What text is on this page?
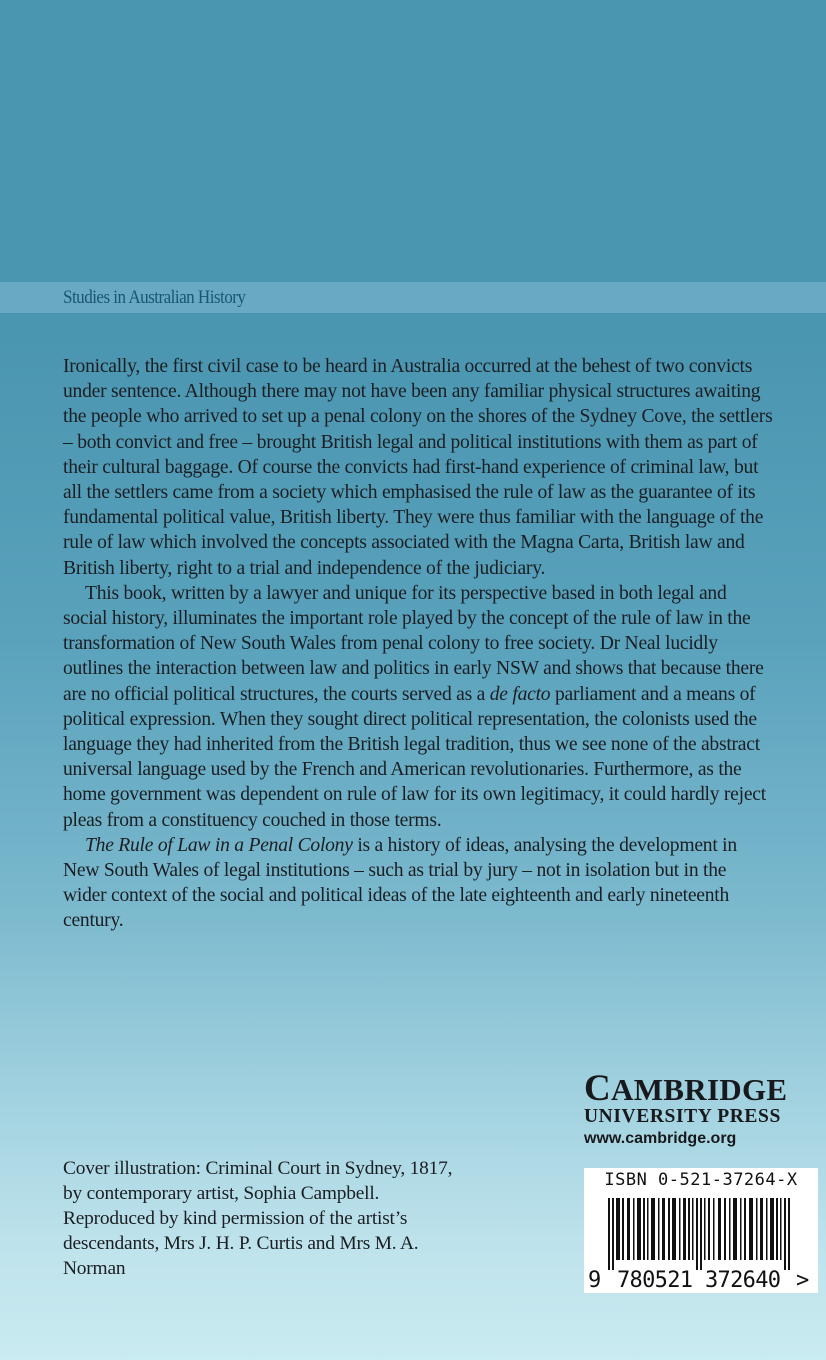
Studies in Australian History

Ironically, the first civil case to be heard in Australia occurred at the behest of two convicts under sentence. Although there may not have been any familiar physical structures awaiting the people who arrived to set up a penal colony on the shores of the Sydney Cove, the settlers – both convict and free – brought British legal and political institutions with them as part of their cultural baggage. Of course the convicts had first-hand experience of criminal law, but all the settlers came from a society which emphasised the rule of law as the guarantee of its fundamental political value, British liberty. They were thus familiar with the language of the rule of law which involved the concepts associated with the Magna Carta, British law and British liberty, right to a trial and independence of the judiciary.

This book, written by a lawyer and unique for its perspective based in both legal and social history, illuminates the important role played by the concept of the rule of law in the transformation of New South Wales from penal colony to free society. Dr Neal lucidly outlines the interaction between law and politics in early NSW and shows that because there are no official political structures, the courts served as a de facto parliament and a means of political expression. When they sought direct political representation, the colonists used the language they had inherited from the British legal tradition, thus we see none of the abstract universal language used by the French and American revolutionaries. Furthermore, as the home government was dependent on rule of law for its own legitimacy, it could hardly reject pleas from a constituency couched in those terms.

The Rule of Law in a Penal Colony is a history of ideas, analysing the development in New South Wales of legal institutions – such as trial by jury – not in isolation but in the wider context of the social and political ideas of the late eighteenth and early nineteenth century.

CAMBRIDGE
UNIVERSITY PRESS
www.cambridge.org

Cover illustration: Criminal Court in Sydney, 1817,

by contemporary artist, Sophia Campbell.

Reproduced by kind permission of the artist’s

descendants, Mrs J. H. P. Curtis and Mrs M. A.

Norman

ISBN 0-521-37264-X
9 780521 372640 >
